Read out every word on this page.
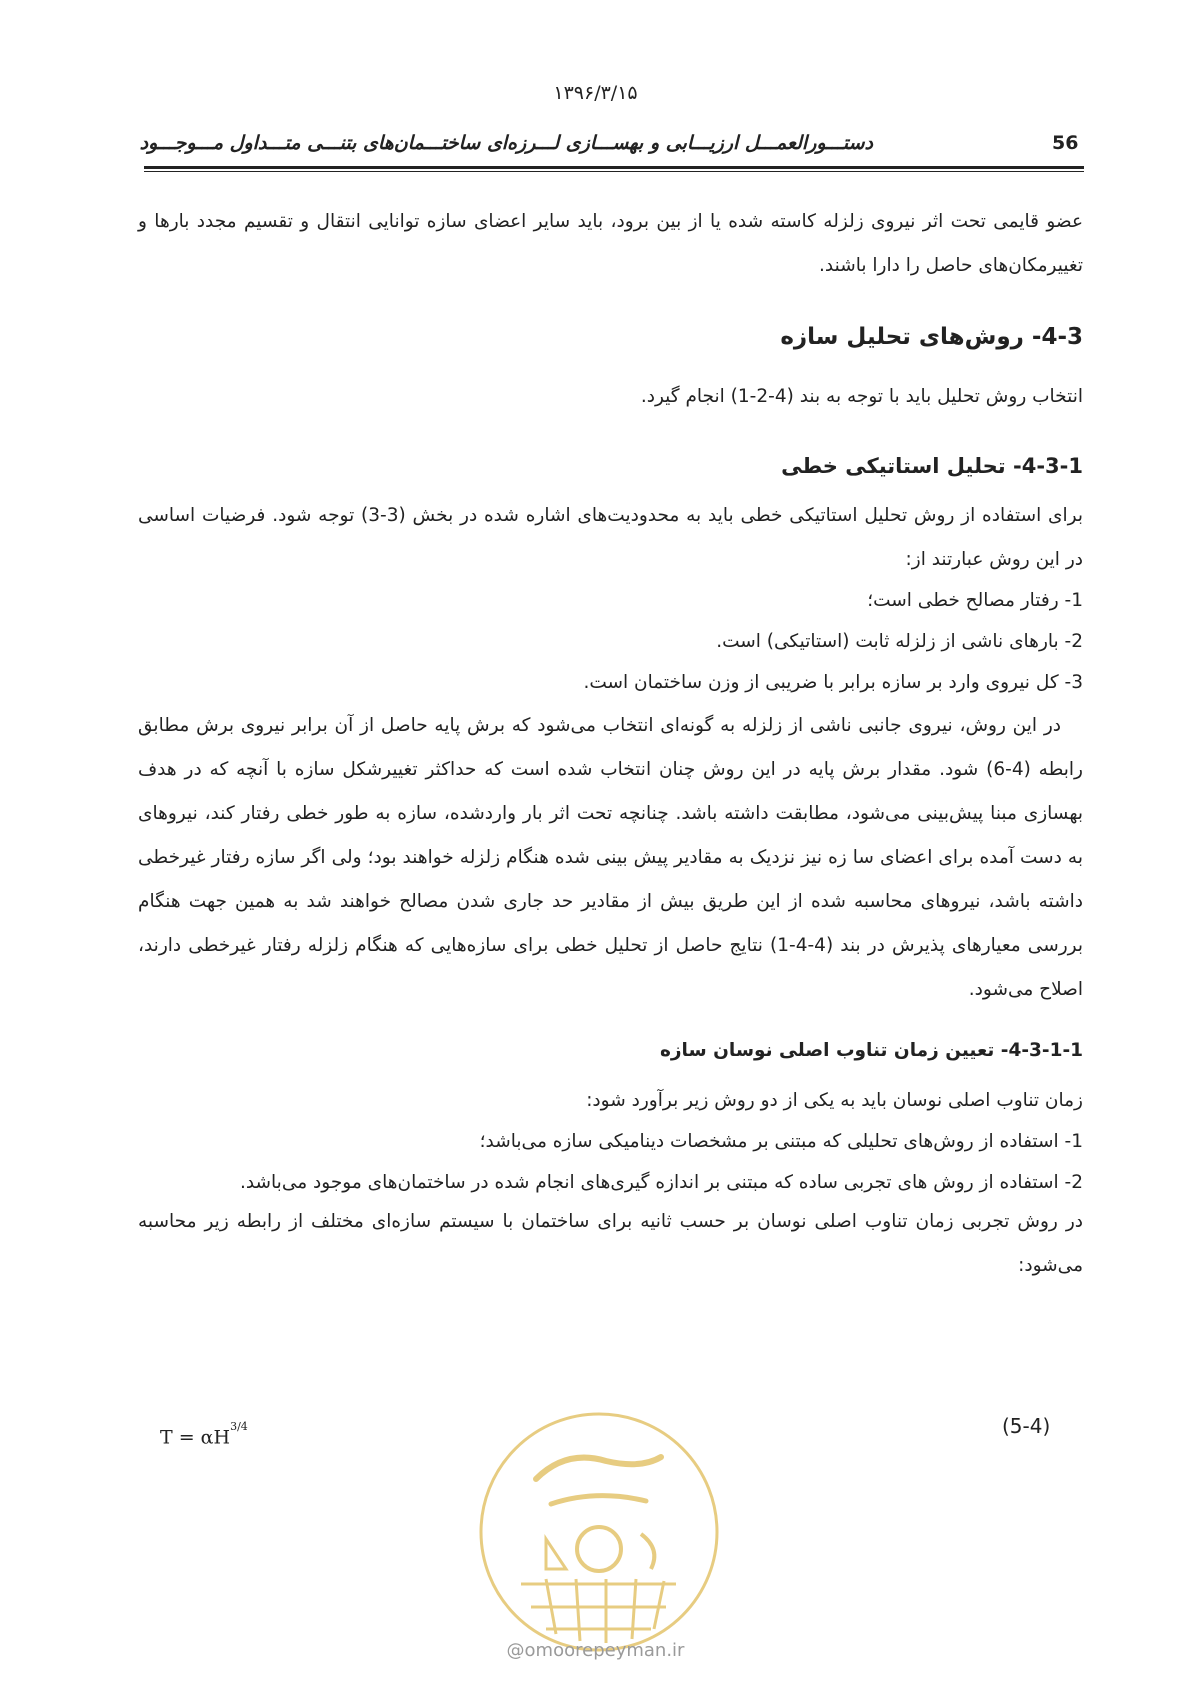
۱۳۹۶/۳/۱۵
دستـــورالعمـــل ارزیـــابی و بهســـازی لـــرزه‌ای ساختـــمان‌های بتنـــی متـــداول مـــوجـــود	56

عضو قایمی تحت اثر نیروی زلزله کاسته شده یا از بین برود، باید سایر اعضای سازه توانایی انتقال و تقسیم مجدد بارها و تغییرمکان‌های حاصل را دارا باشند.

4-3- روش‌های تحلیل سازه
انتخاب روش تحلیل باید با توجه به بند (4-2-1) انجام گیرد.
4-3-1- تحلیل استاتیکی خطی
برای استفاده از روش تحلیل استاتیکی خطی باید به محدودیت‌های اشاره شده در بخش (3-3) توجه شود. فرضیات اساسی در این روش عبارتند از:
1- رفتار مصالح خطی است؛
2- بارهای ناشی از زلزله ثابت (استاتیکی) است.
3- کل نیروی وارد بر سازه برابر با ضریبی از وزن ساختمان است.
در این روش، نیروی جانبی ناشی از زلزله به گونه‌ای انتخاب می‌شود که برش پایه حاصل از آن برابر نیروی برش مطابق رابطه (4-6) شود. مقدار برش پایه در این روش چنان انتخاب شده است که حداکثر تغییرشکل سازه با آنچه که در هدف بهسازی مبنا پیش‌بینی می‌شود، مطابقت داشته باشد. چنانچه تحت اثر بار واردشده، سازه به طور خطی رفتار کند، نیروهای به دست آمده برای اعضای سا زه نیز نزدیک به مقادیر پیش بینی شده هنگام زلزله خواهند بود؛ ولی اگر سازه رفتار غیرخطی داشته باشد، نیروهای محاسبه شده از این طریق بیش از مقادیر حد جاری شدن مصالح خواهند شد به همین جهت هنگام بررسی معیارهای پذیرش در بند (4-4-1) نتایج حاصل از تحلیل خطی برای سازه‌هایی که هنگام زلزله رفتار غیرخطی دارند، اصلاح می‌شود.
4-3-1-1- تعیین زمان تناوب اصلی نوسان سازه
زمان تناوب اصلی نوسان باید به یکی از دو روش زیر برآورد شود:
1- استفاده از روش‌های تحلیلی که مبتنی بر مشخصات دینامیکی سازه می‌باشد؛
2- استفاده از روش های تجربی ساده که مبتنی بر اندازه گیری‌های انجام شده در ساختمان‌های موجود می‌باشد.
در روش تجربی زمان تناوب اصلی نوسان بر حسب ثانیه برای ساختمان با سیستم سازه‌ای مختلف از رابطه زیر محاسبه می‌شود:
$T = \alpha H^{3/4}$	(5-4)
@omoorepeyman.ir
